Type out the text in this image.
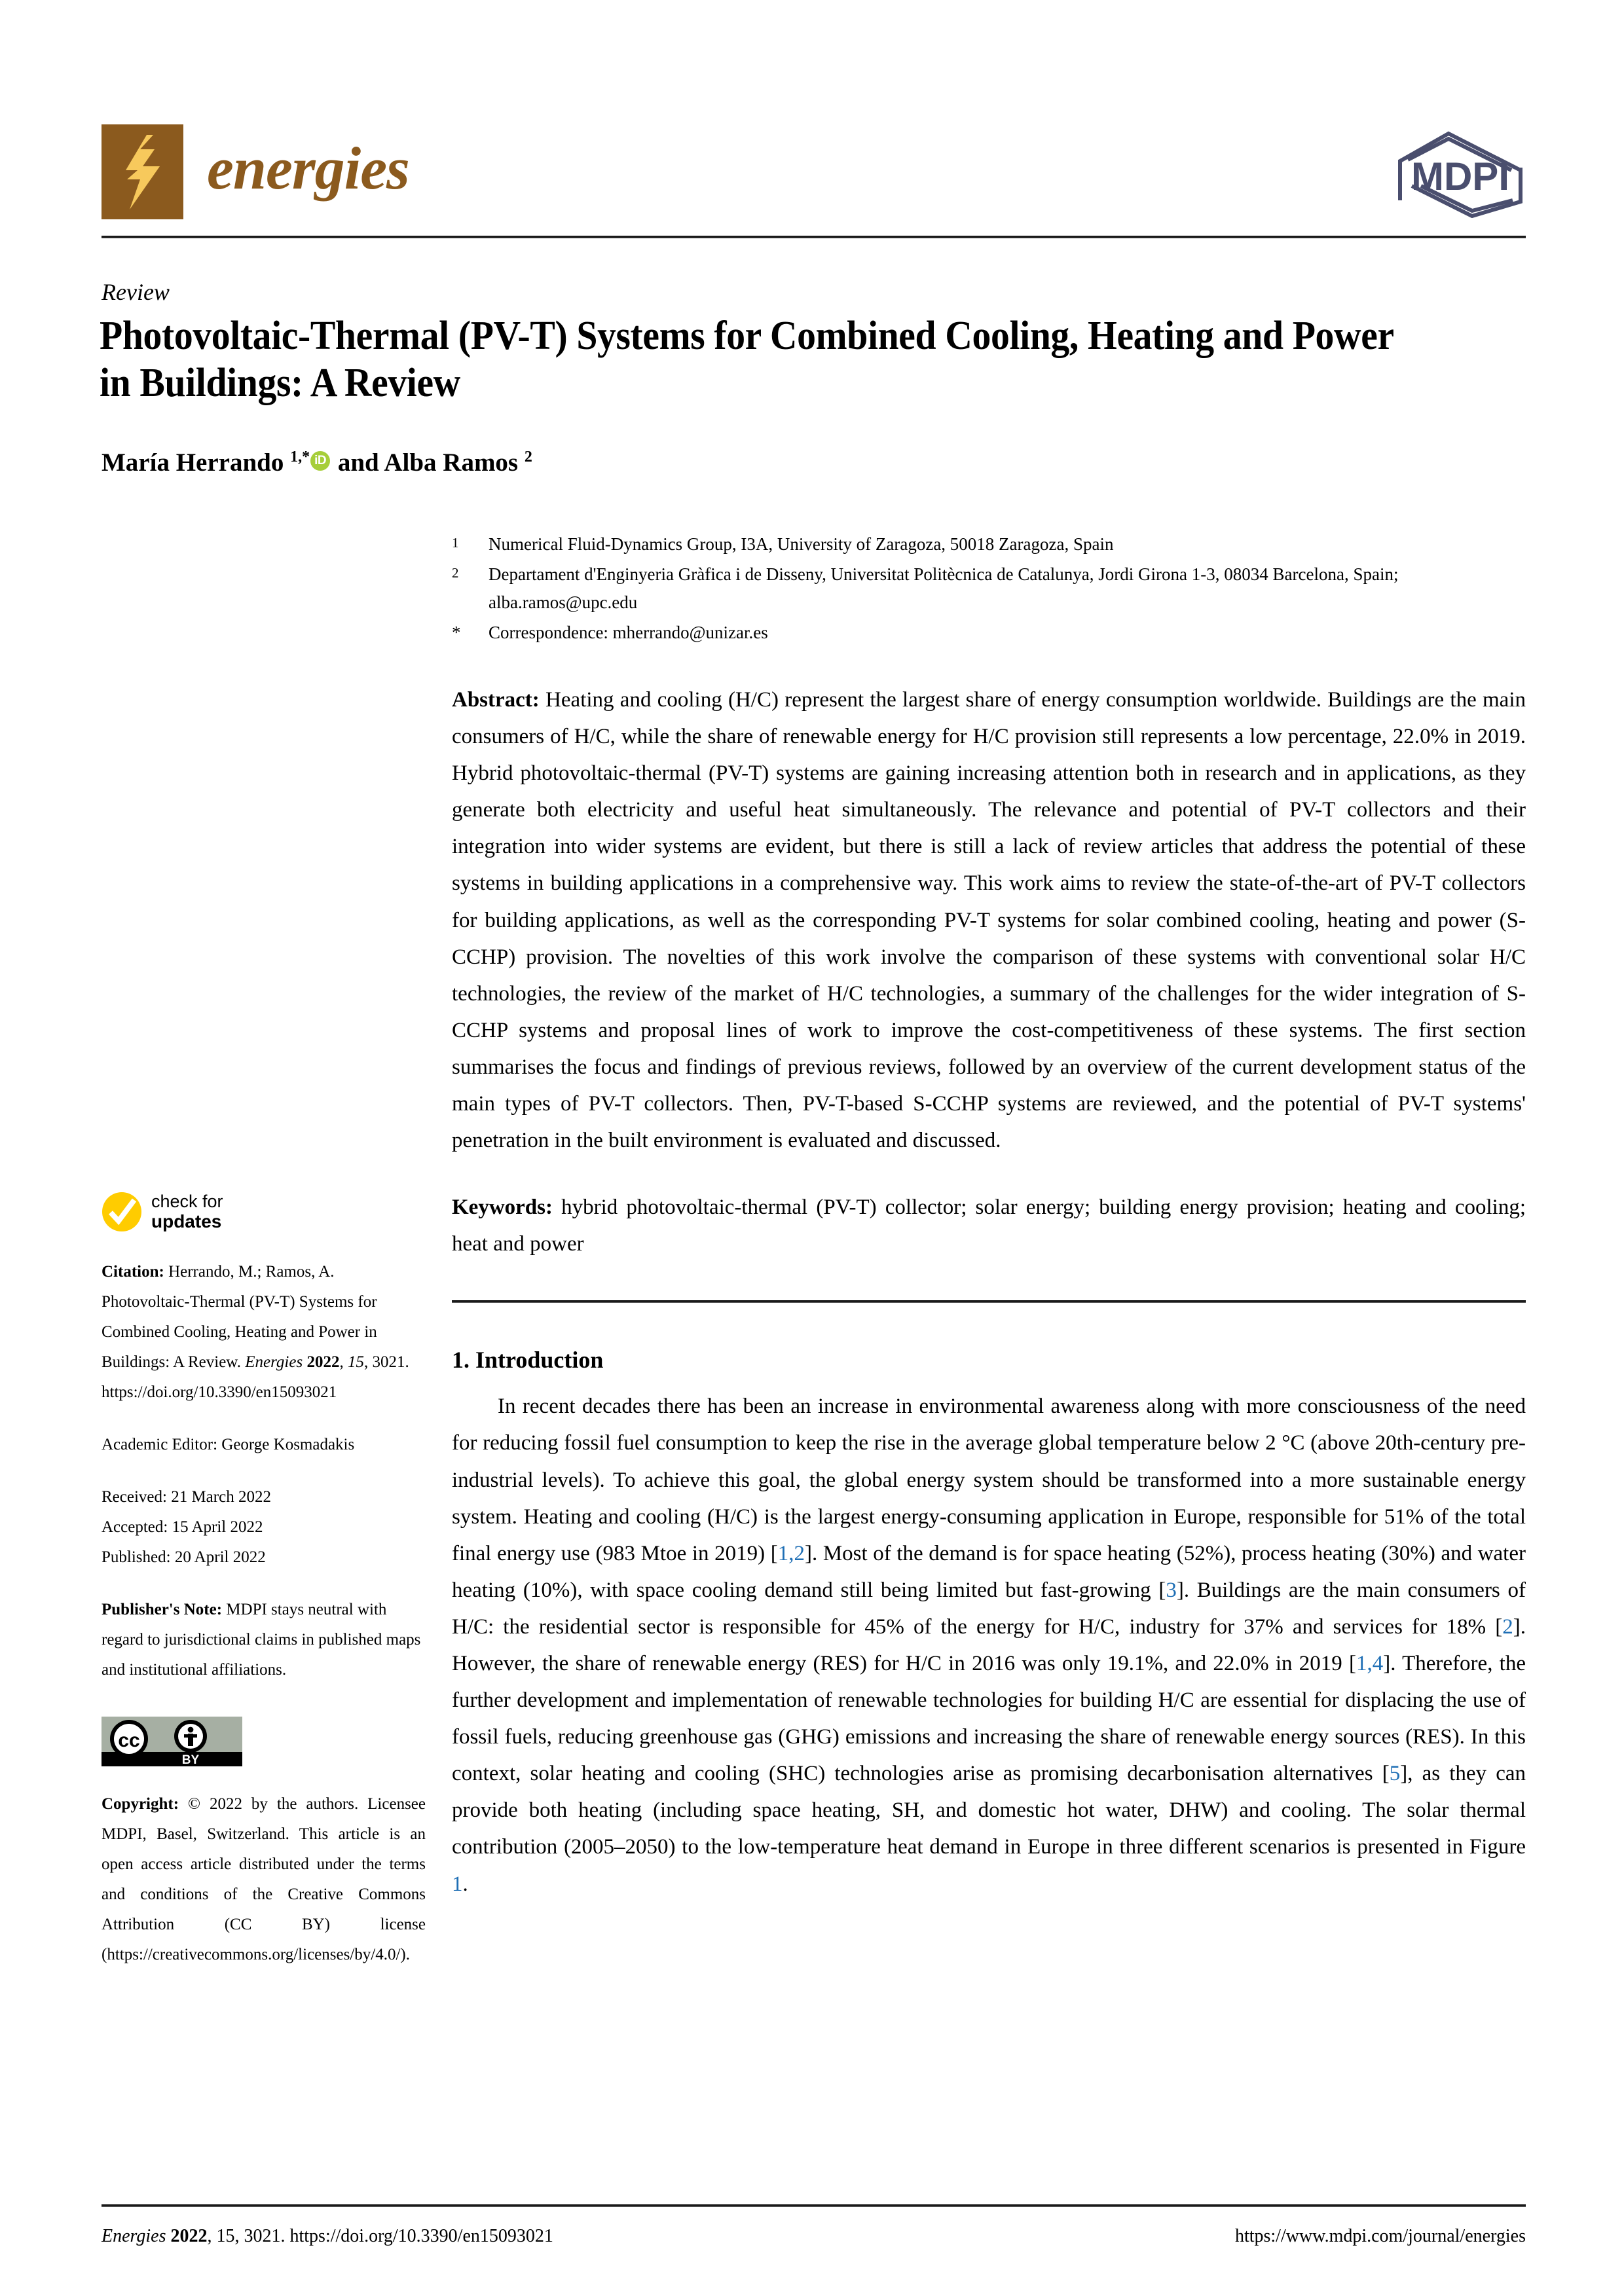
energies	MDPI
Review
Photovoltaic-Thermal (PV-T) Systems for Combined Cooling, Heating and Power in Buildings: A Review
María Herrando $^{1,*}$ iD and Alba Ramos $^2$
1	Numerical Fluid-Dynamics Group, I3A, University of Zaragoza, 50018 Zaragoza, Spain
2	Departament d'Enginyeria Gràfica i de Disseny, Universitat Politècnica de Catalunya, Jordi Girona 1-3, 08034 Barcelona, Spain; alba.ramos@upc.edu
*	Correspondence: mherrando@unizar.es
Abstract: Heating and cooling (H/C) represent the largest share of energy consumption worldwide. Buildings are the main consumers of H/C, while the share of renewable energy for H/C provision still represents a low percentage, 22.0% in 2019. Hybrid photovoltaic-thermal (PV-T) systems are gaining increasing attention both in research and in applications, as they generate both electricity and useful heat simultaneously. The relevance and potential of PV-T collectors and their integration into wider systems are evident, but there is still a lack of review articles that address the potential of these systems in building applications in a comprehensive way. This work aims to review the state-of-the-art of PV-T collectors for building applications, as well as the corresponding PV-T systems for solar combined cooling, heating and power (S-CCHP) provision. The novelties of this work involve the comparison of these systems with conventional solar H/C technologies, the review of the market of H/C technologies, a summary of the challenges for the wider integration of S-CCHP systems and proposal lines of work to improve the cost-competitiveness of these systems. The first section summarises the focus and findings of previous reviews, followed by an overview of the current development status of the main types of PV-T collectors. Then, PV-T-based S-CCHP systems are reviewed, and the potential of PV-T systems' penetration in the built environment is evaluated and discussed.
Keywords: hybrid photovoltaic-thermal (PV-T) collector; solar energy; building energy provision; heating and cooling; heat and power
1. Introduction
In recent decades there has been an increase in environmental awareness along with more consciousness of the need for reducing fossil fuel consumption to keep the rise in the average global temperature below 2 °C (above 20th-century pre-industrial levels). To achieve this goal, the global energy system should be transformed into a more sustainable energy system. Heating and cooling (H/C) is the largest energy-consuming application in Europe, responsible for 51% of the total final energy use (983 Mtoe in 2019) [1,2]. Most of the demand is for space heating (52%), process heating (30%) and water heating (10%), with space cooling demand still being limited but fast-growing [3]. Buildings are the main consumers of H/C: the residential sector is responsible for 45% of the energy for H/C, industry for 37% and services for 18% [2]. However, the share of renewable energy (RES) for H/C in 2016 was only 19.1%, and 22.0% in 2019 [1,4]. Therefore, the further development and implementation of renewable technologies for building H/C are essential for displacing the use of fossil fuels, reducing greenhouse gas (GHG) emissions and increasing the share of renewable energy sources (RES). In this context, solar heating and cooling (SHC) technologies arise as promising decarbonisation alternatives [5], as they can provide both heating (including space heating, SH, and domestic hot water, DHW) and cooling. The solar thermal contribution (2005–2050) to the low-temperature heat demand in Europe in three different scenarios is presented in Figure 1.
check for
updates
Citation: Herrando, M.; Ramos, A. Photovoltaic-Thermal (PV-T) Systems for Combined Cooling, Heating and Power in Buildings: A Review. Energies 2022, 15, 3021. https://doi.org/10.3390/en15093021
Academic Editor: George Kosmadakis
Received: 21 March 2022
Accepted: 15 April 2022
Published: 20 April 2022
Publisher's Note: MDPI stays neutral with regard to jurisdictional claims in published maps and institutional affiliations.
cc
BY
Copyright: © 2022 by the authors. Licensee MDPI, Basel, Switzerland. This article is an open access article distributed under the terms and conditions of the Creative Commons Attribution (CC BY) license (https://creativecommons.org/licenses/by/4.0/).
Energies 2022, 15, 3021. https://doi.org/10.3390/en15093021	https://www.mdpi.com/journal/energies
